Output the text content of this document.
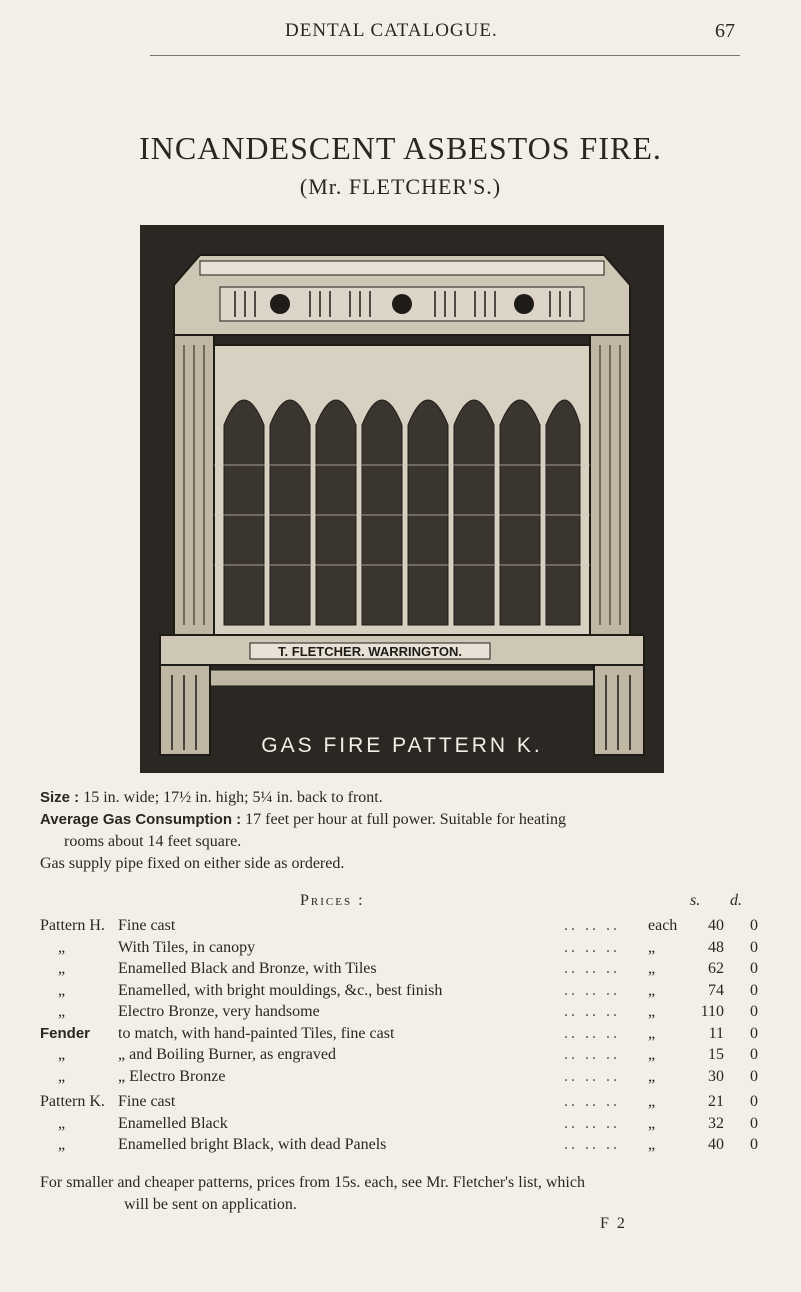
DENTAL CATALOGUE.	67
INCANDESCENT ASBESTOS FIRE.
(Mr. FLETCHER'S.)
T. FLETCHER. WARRINGTON.
GAS FIRE PATTERN K.
Size : 15 in. wide; 17½ in. high; 5¼ in. back to front.
Average Gas Consumption : 17 feet per hour at full power. Suitable for heating
rooms about 14 feet square.
Gas supply pipe fixed on either side as ordered.
Prices :	s. d.
.. .. ..
Pattern H. Fine cast	each	40	0
.. .. ..
„	With Tiles, in canopy	„	48	0
.. .. ..
„	Enamelled Black and Bronze, with Tiles	„	62	0
.. .. ..
„	Enamelled, with bright mouldings, &c., best finish	„	74	0
.. .. ..
„	Electro Bronze, very handsome	„	110	0
.. .. ..
Fender to match, with hand-painted Tiles, fine cast	„	11	0
.. .. ..
„	„ and Boiling Burner, as engraved	„	15	0
.. .. ..
„	„ Electro Bronze	„	30	0
.. .. ..
Pattern K. Fine cast	„	21	0
.. .. ..
„	Enamelled Black	„	32	0
.. .. ..
„	Enamelled bright Black, with dead Panels	„	40	0
For smaller and cheaper patterns, prices from 15s. each, see Mr. Fletcher's list, which
will be sent on application.
F 2
